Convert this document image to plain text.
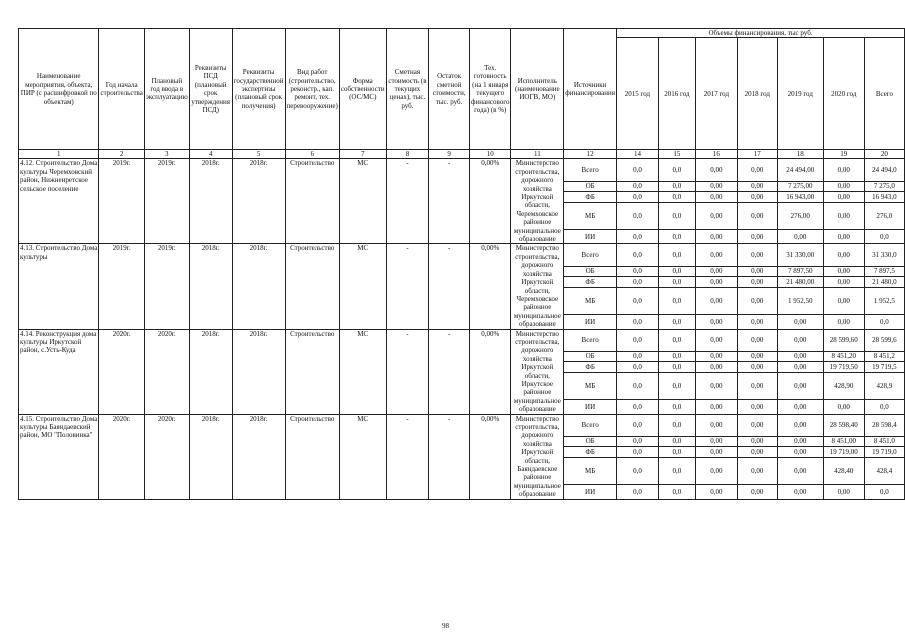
Наименование мероприятия, объекта, ПИР (с расшифровкой по объектам)	Год начала строительства	Плановый год ввода в эксплуатацию	Реквизиты ПСД (плановый срок утверждения ПСД)	Реквизиты государственной экспертизы (плановый срок получения)	Вид работ (строительство, реконстр., кап. ремонт, тех. перевооружение)	Форма собственности (ОС/МС)	Сметная стоимость (в текущих ценах), тыс. руб.	Остаток сметной стоимости, тыс. руб.	Тех. готовность (на 1 января текущего финансового года) (в %)	Исполнитель (наименование ИОГВ, МО)	Источники финансирования	Объемы финансирования, тыс руб.						
												2015 год	2016 год	2017 год	2018 год	2019 год	2020 год	Всего
1	2	3	4	5	6	7	8	9	10	11	12	14	15	16	17	18	19	20
4.12. Строительство Дома культуры Черемховский район, Нижнеиретское сельское поселение	2019г.	2019г.	2018г.	2018г.	Строительство	МС	-	-	0,00%	Министерство строительства, дорожного хозяйства Иркутской области, Черемховское районное муниципальное образование	Всего	0,0	0,0	0,00	0,00	24 494,00	0,00	24 494,0
											ОБ	0,0	0,0	0,00	0,00	7 275,00	0,00	7 275,0
											ФБ	0,0	0,0	0,00	0,00	16 943,00	0,00	16 943,0
											МБ	0,0	0,0	0,00	0,00	276,00	0,00	276,0
											ИИ	0,0	0,0	0,00	0,00	0,00	0,00	0,0
4.13. Строительство Дома культуры	2019г.	2019г.	2018г.	2018г.	Строительство	МС	-	-	0,00%	Министерство строительства, дорожного хозяйства Иркутской области, Черемховское районное муниципальное образование	Всего	0,0	0,0	0,00	0,00	31 330,00	0,00	31 330,0
											ОБ	0,0	0,0	0,00	0,00	7 897,50	0,00	7 897,5
											ФБ	0,0	0,0	0,00	0,00	21 480,00	0,00	21 480,0
											МБ	0,0	0,0	0,00	0,00	1 952,50	0,00	1 952,5
											ИИ	0,0	0,0	0,00	0,00	0,00	0,00	0,0
4.14. Реконструкция дома культуры Иркутской район, с.Усть-Куда	2020г.	2020г.	2018г.	2018г.	Строительство	МС	-	-	0,00%	Министерство строительства, дорожного хозяйства Иркутской области, Иркутское районное муниципальное образование	Всего	0,0	0,0	0,00	0,00	0,00	28 599,60	28 599,6
											ОБ	0,0	0,0	0,00	0,00	0,00	8 451,20	8 451,2
											ФБ	0,0	0,0	0,00	0,00	0,00	19 719,50	19 719,5
											МБ	0,0	0,0	0,00	0,00	0,00	428,90	428,9
											ИИ	0,0	0,0	0,00	0,00	0,00	0,00	0,0
4.15. Строительство Дома культуры Баяндаевский район, МО "Половинка"	2020г.	2020г.	2018г.	2018г.	Строительство	МС	-	-	0,00%	Министерство строительства, дорожного хозяйства Иркутской области, Баяндаевское районное муниципальное образование	Всего	0,0	0,0	0,00	0,00	0,00	28 598,40	28 598,4
											ОБ	0,0	0,0	0,00	0,00	0,00	8 451,00	8 451,0
											ФБ	0,0	0,0	0,00	0,00	0,00	19 719,00	19 719,0
											МБ	0,0	0,0	0,00	0,00	0,00	428,40	428,4
											ИИ	0,0	0,0	0,00	0,00	0,00	0,00	0,0
98
